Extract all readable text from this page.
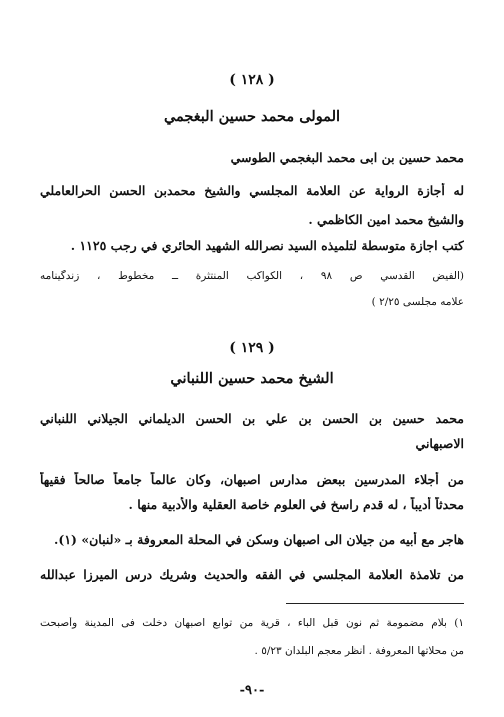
( ١٢٨ )
المولى محمد حسين البغجمي
محمد حسين بن ابى محمد البغجمي الطوسي
له أجازة الرواية عن العلامة المجلسي والشيخ محمدبن الحسن الحرالعاملي
والشيخ محمد امين الكاظمي .
كتب اجازة متوسطة لتلميذه السيد نصرالله الشهيد الحائري في رجب ١١٢٥ .
(الفيض القدسي ص ٩٨ ، الكواكب المنتثرة ــ مخطوط ، زندگينامه
علامه مجلسى ٢/٢٥ )
( ١٢٩ )
الشيخ محمد حسين اللنباني
محمد حسين بن الحسن بن علي بن الحسن الديلماني الجيلاني اللنباني
الاصبهاني
من أجلاء المدرسين ببعض مدارس اصبهان، وكان عالماً جامعاً صالحاً فقيهاً
محدثاً أديباً ، له قدم راسخ في العلوم خاصة العقلية والأدبية منها .
هاجر مع أبيه من جيلان الى اصبهان وسكن في المحلة المعروفة بـ «لنبان» (١).
من تلامذة العلامة المجلسي في الفقه والحديث وشريك درس الميرزا عبدالله
١) بلام مضمومة ثم نون قبل الباء ، قرية من توابع اصبهان دخلت فى المدينة وأصبحت
من محلاتها المعروفة . أنظر معجم البلدان ٥/٢٣ .
-٩٠-
